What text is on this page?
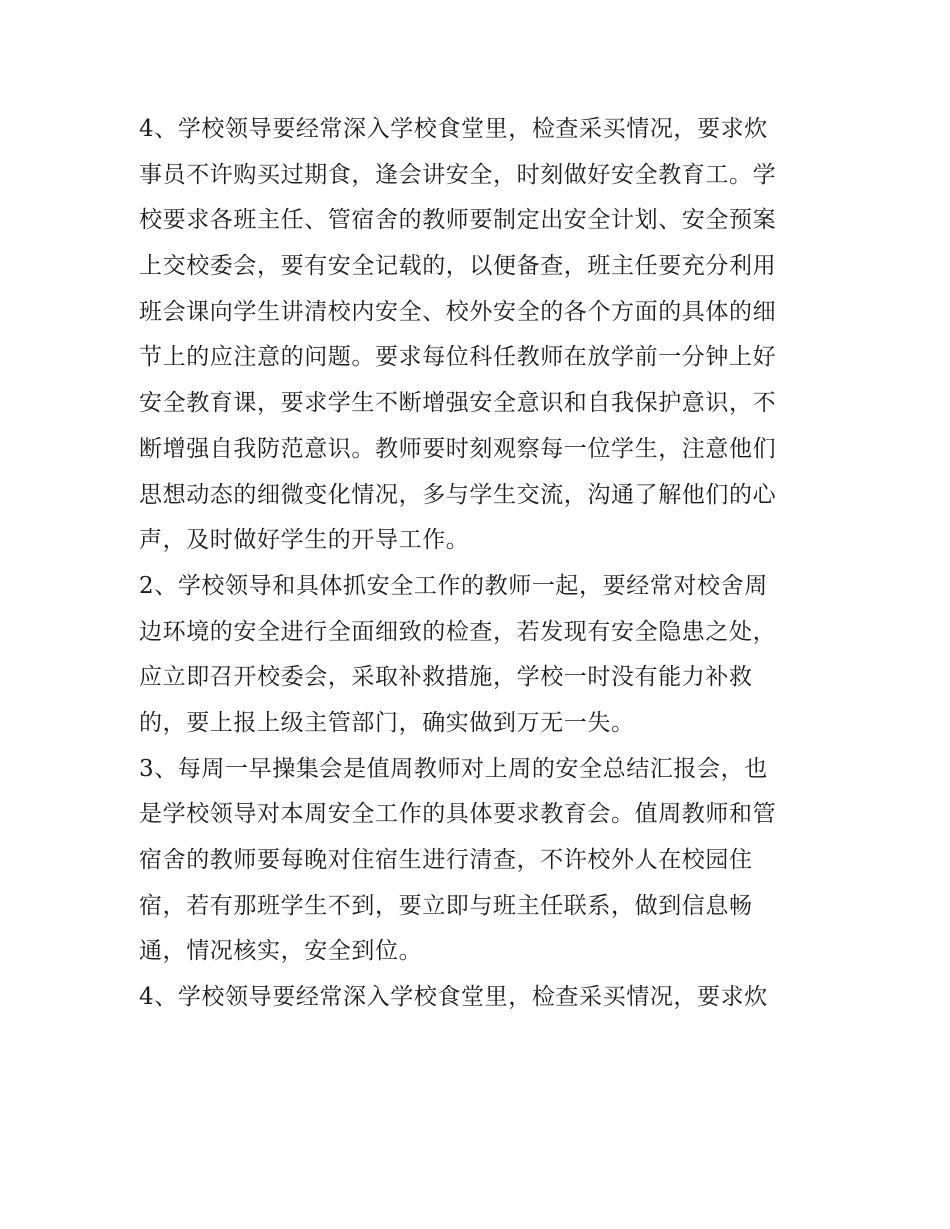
4、学校领导要经常深入学校食堂里，检查采买情况，要求炊
事员不许购买过期食，逢会讲安全，时刻做好安全教育工。学
校要求各班主任、管宿舍的教师要制定出安全计划、安全预案
上交校委会，要有安全记载的，以便备查，班主任要充分利用
班会课向学生讲清校内安全、校外安全的各个方面的具体的细
节上的应注意的问题。要求每位科任教师在放学前一分钟上好
安全教育课，要求学生不断增强安全意识和自我保护意识，不
断增强自我防范意识。教师要时刻观察每一位学生，注意他们
思想动态的细微变化情况，多与学生交流，沟通了解他们的心
声，及时做好学生的开导工作。
2、学校领导和具体抓安全工作的教师一起，要经常对校舍周
边环境的安全进行全面细致的检查，若发现有安全隐患之处，
应立即召开校委会，采取补救措施，学校一时没有能力补救
的，要上报上级主管部门，确实做到万无一失。
3、每周一早操集会是值周教师对上周的安全总结汇报会，也
是学校领导对本周安全工作的具体要求教育会。值周教师和管
宿舍的教师要每晚对住宿生进行清查，不许校外人在校园住
宿，若有那班学生不到，要立即与班主任联系，做到信息畅
通，情况核实，安全到位。
4、学校领导要经常深入学校食堂里，检查采买情况，要求炊
